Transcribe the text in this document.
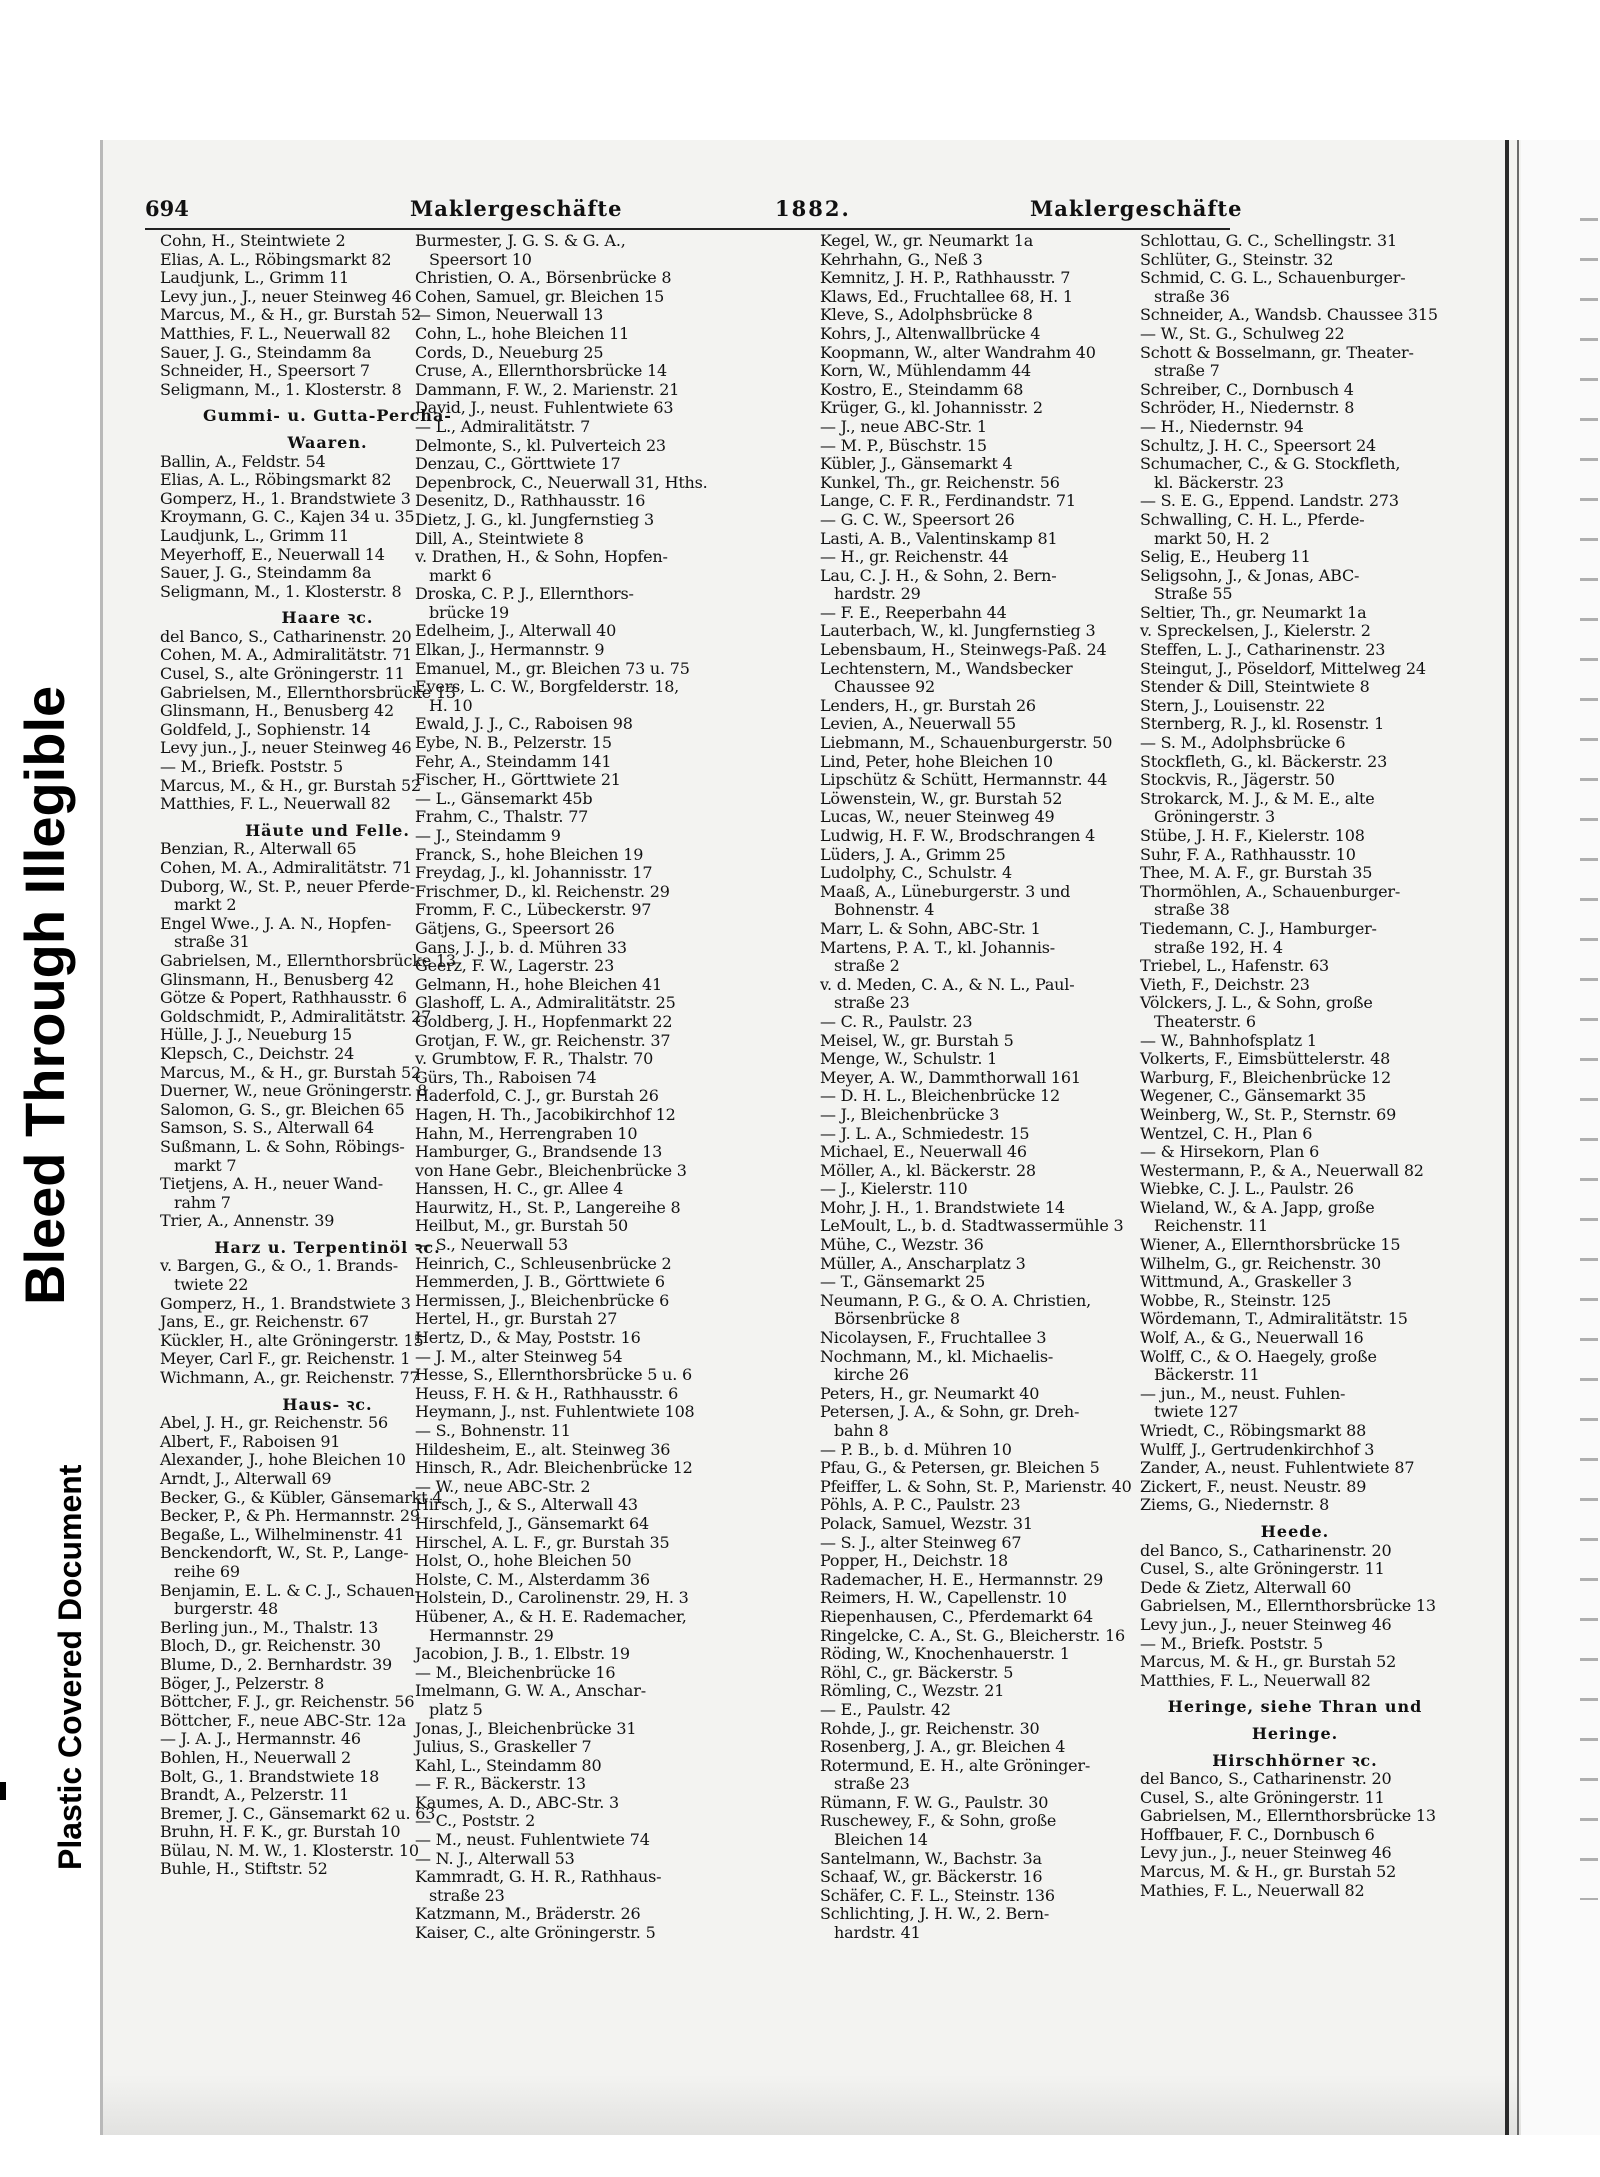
Bleed Through Illegible
Plastic Covered Document
694	Maklergeschäfte	1882.	Maklergeschäfte
Cohn, H., Steintwiete 2
Elias, A. L., Röbingsmarkt 82
Laudjunk, L., Grimm 11
Levy jun., J., neuer Steinweg 46
Marcus, M., & H., gr. Burstah 52
Matthies, F. L., Neuerwall 82
Sauer, J. G., Steindamm 8a
Schneider, H., Speersort 7
Seligmann, M., 1. Klosterstr. 8
Gummi- u. Gutta-Percha-
Waaren.
Ballin, A., Feldstr. 54
Elias, A. L., Röbingsmarkt 82
Gomperz, H., 1. Brandstwiete 3
Kroymann, G. C., Kajen 34 u. 35
Laudjunk, L., Grimm 11
Meyerhoff, E., Neuerwall 14
Sauer, J. G., Steindamm 8a
Seligmann, M., 1. Klosterstr. 8
Haare ꝛc.
del Banco, S., Catharinenstr. 20
Cohen, M. A., Admiralitätstr. 71
Cusel, S., alte Gröningerstr. 11
Gabrielsen, M., Ellernthorsbrücke 13
Glinsmann, H., Benusberg 42
Goldfeld, J., Sophienstr. 14
Levy jun., J., neuer Steinweg 46
— M., Briefk. Poststr. 5
Marcus, M., & H., gr. Burstah 52
Matthies, F. L., Neuerwall 82
Häute und Felle.
Benzian, R., Alterwall 65
Cohen, M. A., Admiralitätstr. 71
Duborg, W., St. P., neuer Pferde-
markt 2
Engel Wwe., J. A. N., Hopfen-
straße 31
Gabrielsen, M., Ellernthorsbrücke 13
Glinsmann, H., Benusberg 42
Götze & Popert, Rathhausstr. 6
Goldschmidt, P., Admiralitätstr. 27
Hülle, J. J., Neueburg 15
Klepsch, C., Deichstr. 24
Marcus, M., & H., gr. Burstah 52
Duerner, W., neue Gröningerstr. 8
Salomon, G. S., gr. Bleichen 65
Samson, S. S., Alterwall 64
Sußmann, L. & Sohn, Röbings-
markt 7
Tietjens, A. H., neuer Wand-
rahm 7
Trier, A., Annenstr. 39
Harz u. Terpentinöl ꝛc.
v. Bargen, G., & O., 1. Brands-
twiete 22
Gomperz, H., 1. Brandstwiete 3
Jans, E., gr. Reichenstr. 67
Kückler, H., alte Gröningerstr. 15
Meyer, Carl F., gr. Reichenstr. 1
Wichmann, A., gr. Reichenstr. 77
Haus- ꝛc.
Abel, J. H., gr. Reichenstr. 56
Albert, F., Raboisen 91
Alexander, J., hohe Bleichen 10
Arndt, J., Alterwall 69
Becker, G., & Kübler, Gänsemarkt 4
Becker, P., & Ph. Hermannstr. 29
Begaße, L., Wilhelminenstr. 41
Benckendorft, W., St. P., Lange-
reihe 69
Benjamin, E. L. & C. J., Schauen-
burgerstr. 48
Berling jun., M., Thalstr. 13
Bloch, D., gr. Reichenstr. 30
Blume, D., 2. Bernhardstr. 39
Böger, J., Pelzerstr. 8
Böttcher, F. J., gr. Reichenstr. 56
Böttcher, F., neue ABC-Str. 12a
— J. A. J., Hermannstr. 46
Bohlen, H., Neuerwall 2
Bolt, G., 1. Brandstwiete 18
Brandt, A., Pelzerstr. 11
Bremer, J. C., Gänsemarkt 62 u. 63
Bruhn, H. F. K., gr. Burstah 10
Bülau, N. M. W., 1. Klosterstr. 10
Buhle, H., Stiftstr. 52
Burmester, J. G. S. & G. A.,
Speersort 10
Christien, O. A., Börsenbrücke 8
Cohen, Samuel, gr. Bleichen 15
— Simon, Neuerwall 13
Cohn, L., hohe Bleichen 11
Cords, D., Neueburg 25
Cruse, A., Ellernthorsbrücke 14
Dammann, F. W., 2. Marienstr. 21
David, J., neust. Fuhlentwiete 63
— L., Admiralitätstr. 7
Delmonte, S., kl. Pulverteich 23
Denzau, C., Görttwiete 17
Depenbrock, C., Neuerwall 31, Hths.
Desenitz, D., Rathhausstr. 16
Dietz, J. G., kl. Jungfernstieg 3
Dill, A., Steintwiete 8
v. Drathen, H., & Sohn, Hopfen-
markt 6
Droska, C. P. J., Ellernthors-
brücke 19
Edelheim, J., Alterwall 40
Elkan, J., Hermannstr. 9
Emanuel, M., gr. Bleichen 73 u. 75
Evers, L. C. W., Borgfelderstr. 18,
H. 10
Ewald, J. J., C., Raboisen 98
Eybe, N. B., Pelzerstr. 15
Fehr, A., Steindamm 141
Fischer, H., Görttwiete 21
— L., Gänsemarkt 45b
Frahm, C., Thalstr. 77
— J., Steindamm 9
Franck, S., hohe Bleichen 19
Freydag, J., kl. Johannisstr. 17
Frischmer, D., kl. Reichenstr. 29
Fromm, F. C., Lübeckerstr. 97
Gätjens, G., Speersort 26
Gans, J. J., b. d. Mühren 33
Geerz, F. W., Lagerstr. 23
Gelmann, H., hohe Bleichen 41
Glashoff, L. A., Admiralitätstr. 25
Goldberg, J. H., Hopfenmarkt 22
Grotjan, F. W., gr. Reichenstr. 37
v. Grumbtow, F. R., Thalstr. 70
Gürs, Th., Raboisen 74
Haderfold, C. J., gr. Burstah 26
Hagen, H. Th., Jacobikirchhof 12
Hahn, M., Herrengraben 10
Hamburger, G., Brandsende 13
von Hane Gebr., Bleichenbrücke 3
Hanssen, H. C., gr. Allee 4
Haurwitz, H., St. P., Langereihe 8
Heilbut, M., gr. Burstah 50
— S., Neuerwall 53
Heinrich, C., Schleusenbrücke 2
Hemmerden, J. B., Görttwiete 6
Hermissen, J., Bleichenbrücke 6
Hertel, H., gr. Burstah 27
Hertz, D., & May, Poststr. 16
— J. M., alter Steinweg 54
Hesse, S., Ellernthorsbrücke 5 u. 6
Heuss, F. H. & H., Rathhausstr. 6
Heymann, J., nst. Fuhlentwiete 108
— S., Bohnenstr. 11
Hildesheim, E., alt. Steinweg 36
Hinsch, R., Adr. Bleichenbrücke 12
— W., neue ABC-Str. 2
Hirsch, J., & S., Alterwall 43
Hirschfeld, J., Gänsemarkt 64
Hirschel, A. L. F., gr. Burstah 35
Holst, O., hohe Bleichen 50
Holste, C. M., Alsterdamm 36
Holstein, D., Carolinenstr. 29, H. 3
Hübener, A., & H. E. Rademacher,
Hermannstr. 29
Jacobion, J. B., 1. Elbstr. 19
— M., Bleichenbrücke 16
Imelmann, G. W. A., Anschar-
platz 5
Jonas, J., Bleichenbrücke 31
Julius, S., Graskeller 7
Kahl, L., Steindamm 80
— F. R., Bäckerstr. 13
Kaumes, A. D., ABC-Str. 3
— C., Poststr. 2
— M., neust. Fuhlentwiete 74
— N. J., Alterwall 53
Kammradt, G. H. R., Rathhaus-
straße 23
Katzmann, M., Bräderstr. 26
Kaiser, C., alte Gröningerstr. 5
Kegel, W., gr. Neumarkt 1a
Kehrhahn, G., Neß 3
Kemnitz, J. H. P., Rathhausstr. 7
Klaws, Ed., Fruchtallee 68, H. 1
Kleve, S., Adolphsbrücke 8
Kohrs, J., Altenwallbrücke 4
Koopmann, W., alter Wandrahm 40
Korn, W., Mühlendamm 44
Kostro, E., Steindamm 68
Krüger, G., kl. Johannisstr. 2
— J., neue ABC-Str. 1
— M. P., Büschstr. 15
Kübler, J., Gänsemarkt 4
Kunkel, Th., gr. Reichenstr. 56
Lange, C. F. R., Ferdinandstr. 71
— G. C. W., Speersort 26
Lasti, A. B., Valentinskamp 81
— H., gr. Reichenstr. 44
Lau, C. J. H., & Sohn, 2. Bern-
hardstr. 29
— F. E., Reeperbahn 44
Lauterbach, W., kl. Jungfernstieg 3
Lebensbaum, H., Steinwegs-Paß. 24
Lechtenstern, M., Wandsbecker
Chaussee 92
Lenders, H., gr. Burstah 26
Levien, A., Neuerwall 55
Liebmann, M., Schauenburgerstr. 50
Lind, Peter, hohe Bleichen 10
Lipschütz & Schütt, Hermannstr. 44
Löwenstein, W., gr. Burstah 52
Lucas, W., neuer Steinweg 49
Ludwig, H. F. W., Brodschrangen 4
Lüders, J. A., Grimm 25
Ludolphy, C., Schulstr. 4
Maaß, A., Lüneburgerstr. 3 und
Bohnenstr. 4
Marr, L. & Sohn, ABC-Str. 1
Martens, P. A. T., kl. Johannis-
straße 2
v. d. Meden, C. A., & N. L., Paul-
straße 23
— C. R., Paulstr. 23
Meisel, W., gr. Burstah 5
Menge, W., Schulstr. 1
Meyer, A. W., Dammthorwall 161
— D. H. L., Bleichenbrücke 12
— J., Bleichenbrücke 3
— J. L. A., Schmiedestr. 15
Michael, E., Neuerwall 46
Möller, A., kl. Bäckerstr. 28
— J., Kielerstr. 110
Mohr, J. H., 1. Brandstwiete 14
LeMoult, L., b. d. Stadtwassermühle 3
Mühe, C., Wezstr. 36
Müller, A., Anscharplatz 3
— T., Gänsemarkt 25
Neumann, P. G., & O. A. Christien,
Börsenbrücke 8
Nicolaysen, F., Fruchtallee 3
Nochmann, M., kl. Michaelis-
kirche 26
Peters, H., gr. Neumarkt 40
Petersen, J. A., & Sohn, gr. Dreh-
bahn 8
— P. B., b. d. Mühren 10
Pfau, G., & Petersen, gr. Bleichen 5
Pfeiffer, L. & Sohn, St. P., Marienstr. 40
Pöhls, A. P. C., Paulstr. 23
Polack, Samuel, Wezstr. 31
— S. J., alter Steinweg 67
Popper, H., Deichstr. 18
Rademacher, H. E., Hermannstr. 29
Reimers, H. W., Capellenstr. 10
Riepenhausen, C., Pferdemarkt 64
Ringelcke, C. A., St. G., Bleicherstr. 16
Röding, W., Knochenhauerstr. 1
Röhl, C., gr. Bäckerstr. 5
Römling, C., Wezstr. 21
— E., Paulstr. 42
Rohde, J., gr. Reichenstr. 30
Rosenberg, J. A., gr. Bleichen 4
Rotermund, E. H., alte Gröninger-
straße 23
Rümann, F. W. G., Paulstr. 30
Ruschewey, F., & Sohn, große
Bleichen 14
Santelmann, W., Bachstr. 3a
Schaaf, W., gr. Bäckerstr. 16
Schäfer, C. F. L., Steinstr. 136
Schlichting, J. H. W., 2. Bern-
hardstr. 41
Schlottau, G. C., Schellingstr. 31
Schlüter, G., Steinstr. 32
Schmid, C. G. L., Schauenburger-
straße 36
Schneider, A., Wandsb. Chaussee 315
— W., St. G., Schulweg 22
Schott & Bosselmann, gr. Theater-
straße 7
Schreiber, C., Dornbusch 4
Schröder, H., Niedernstr. 8
— H., Niedernstr. 94
Schultz, J. H. C., Speersort 24
Schumacher, C., & G. Stockfleth,
kl. Bäckerstr. 23
— S. E. G., Eppend. Landstr. 273
Schwalling, C. H. L., Pferde-
markt 50, H. 2
Selig, E., Heuberg 11
Seligsohn, J., & Jonas, ABC-
Straße 55
Seltier, Th., gr. Neumarkt 1a
v. Spreckelsen, J., Kielerstr. 2
Steffen, L. J., Catharinenstr. 23
Steingut, J., Pöseldorf, Mittelweg 24
Stender & Dill, Steintwiete 8
Stern, J., Louisenstr. 22
Sternberg, R. J., kl. Rosenstr. 1
— S. M., Adolphsbrücke 6
Stockfleth, G., kl. Bäckerstr. 23
Stockvis, R., Jägerstr. 50
Strokarck, M. J., & M. E., alte
Gröningerstr. 3
Stübe, J. H. F., Kielerstr. 108
Suhr, F. A., Rathhausstr. 10
Thee, M. A. F., gr. Burstah 35
Thormöhlen, A., Schauenburger-
straße 38
Tiedemann, C. J., Hamburger-
straße 192, H. 4
Triebel, L., Hafenstr. 63
Vieth, F., Deichstr. 23
Völckers, J. L., & Sohn, große
Theaterstr. 6
— W., Bahnhofsplatz 1
Volkerts, F., Eimsbüttelerstr. 48
Warburg, F., Bleichenbrücke 12
Wegener, C., Gänsemarkt 35
Weinberg, W., St. P., Sternstr. 69
Wentzel, C. H., Plan 6
— & Hirsekorn, Plan 6
Westermann, P., & A., Neuerwall 82
Wiebke, C. J. L., Paulstr. 26
Wieland, W., & A. Japp, große
Reichenstr. 11
Wiener, A., Ellernthorsbrücke 15
Wilhelm, G., gr. Reichenstr. 30
Wittmund, A., Graskeller 3
Wobbe, R., Steinstr. 125
Wördemann, T., Admiralitätstr. 15
Wolf, A., & G., Neuerwall 16
Wolff, C., & O. Haegely, große
Bäckerstr. 11
— jun., M., neust. Fuhlen-
twiete 127
Wriedt, C., Röbingsmarkt 88
Wulff, J., Gertrudenkirchhof 3
Zander, A., neust. Fuhlentwiete 87
Zickert, F., neust. Neustr. 89
Ziems, G., Niedernstr. 8
Heede.
del Banco, S., Catharinenstr. 20
Cusel, S., alte Gröningerstr. 11
Dede & Zietz, Alterwall 60
Gabrielsen, M., Ellernthorsbrücke 13
Levy jun., J., neuer Steinweg 46
— M., Briefk. Poststr. 5
Marcus, M. & H., gr. Burstah 52
Matthies, F. L., Neuerwall 82
Heringe, siehe Thran und
Heringe.
Hirschhörner ꝛc.
del Banco, S., Catharinenstr. 20
Cusel, S., alte Gröningerstr. 11
Gabrielsen, M., Ellernthorsbrücke 13
Hoffbauer, F. C., Dornbusch 6
Levy jun., J., neuer Steinweg 46
Marcus, M. & H., gr. Burstah 52
Mathies, F. L., Neuerwall 82
